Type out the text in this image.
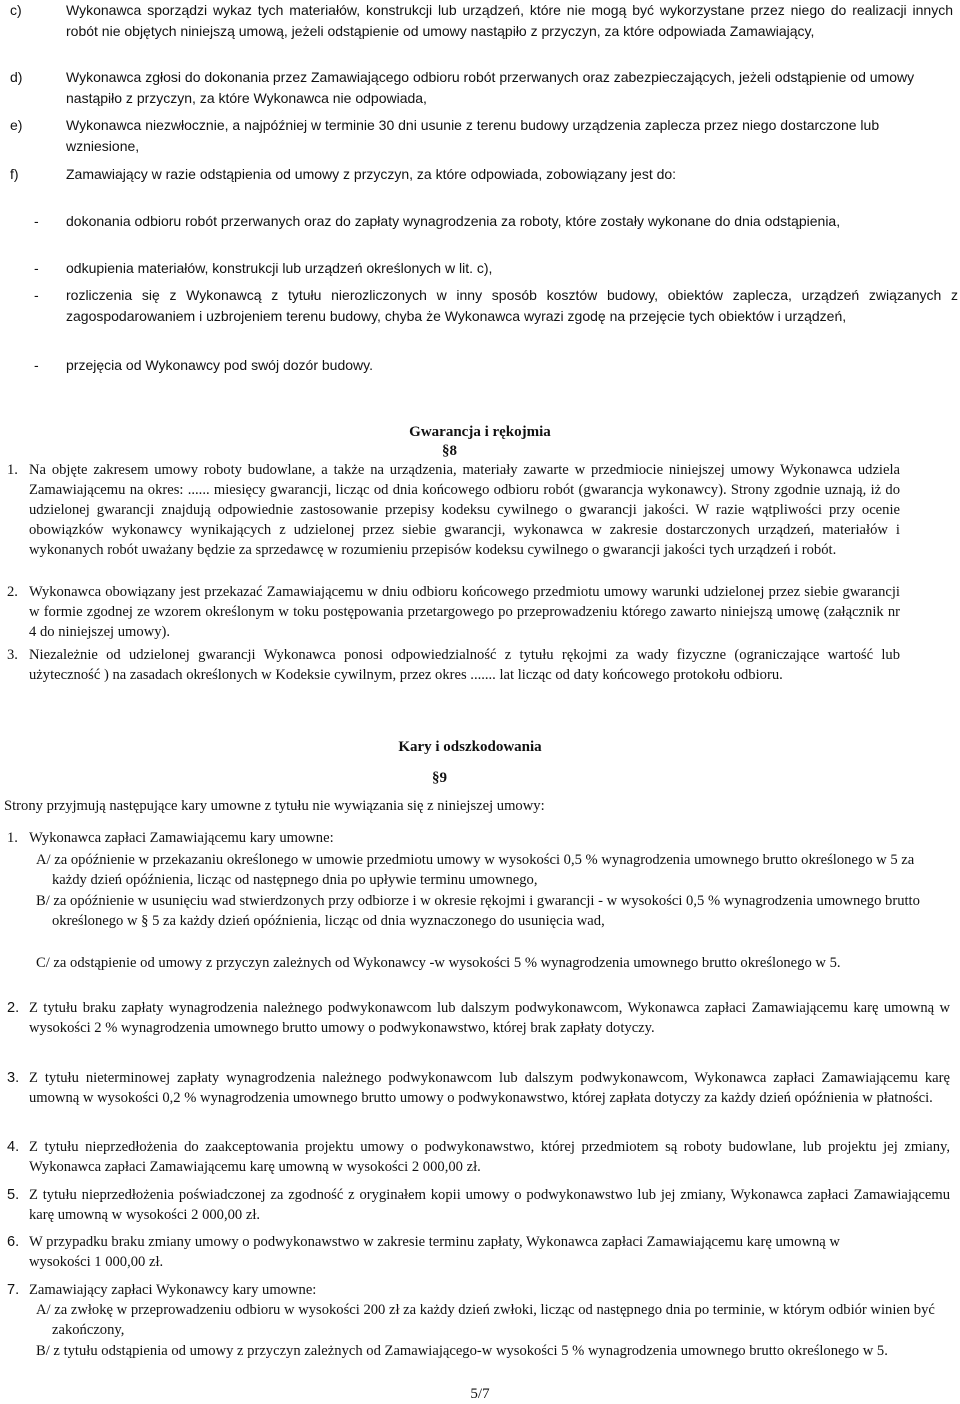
c)	Wykonawca sporządzi wykaz tych materiałów, konstrukcji lub urządzeń, które nie mogą być wykorzystane przez niego do realizacji innych robót nie objętych niniejszą umową, jeżeli odstąpienie od umowy nastąpiło z przyczyn, za które odpowiada Zamawiający,
d)	Wykonawca zgłosi do dokonania przez Zamawiającego odbioru robót przerwanych oraz zabezpieczających, jeżeli odstąpienie od umowy nastąpiło z przyczyn, za które Wykonawca nie odpowiada,
e)	Wykonawca niezwłocznie, a najpóźniej w terminie 30 dni usunie z terenu budowy urządzenia zaplecza przez niego dostarczone lub wzniesione,
f)	Zamawiający w razie odstąpienia od umowy z przyczyn, za które odpowiada, zobowiązany jest do:
- dokonania odbioru robót przerwanych oraz do zapłaty wynagrodzenia za roboty, które zostały wykonane do dnia odstąpienia,
- odkupienia materiałów, konstrukcji lub urządzeń określonych w lit. c),
- rozliczenia się z Wykonawcą z tytułu nierozliczonych w inny sposób kosztów budowy, obiektów zaplecza, urządzeń związanych z zagospodarowaniem i uzbrojeniem terenu budowy, chyba że Wykonawca wyrazi zgodę na przejęcie tych obiektów i urządzeń,
- przejęcia od Wykonawcy pod swój dozór budowy.
Gwarancja i rękojmia
§8
1. Na objęte zakresem umowy roboty budowlane, a także na urządzenia, materiały zawarte w przedmiocie niniejszej umowy Wykonawca udziela Zamawiającemu na okres: ...... miesięcy gwarancji, licząc od dnia końcowego odbioru robót (gwarancja wykonawcy). Strony zgodnie uznają, iż do udzielonej gwarancji znajdują odpowiednie zastosowanie przepisy kodeksu cywilnego o gwarancji jakości. W razie wątpliwości przy ocenie obowiązków wykonawcy wynikających z udzielonej przez siebie gwarancji, wykonawca w zakresie dostarczonych urządzeń, materiałów i wykonanych robót uważany będzie za sprzedawcę w rozumieniu przepisów kodeksu cywilnego o gwarancji jakości tych urządzeń i robót.
2. Wykonawca obowiązany jest przekazać Zamawiającemu w dniu odbioru końcowego przedmiotu umowy warunki udzielonej przez siebie gwarancji w formie zgodnej ze wzorem określonym w toku postępowania przetargowego po przeprowadzeniu którego zawarto niniejszą umowę (załącznik nr 4 do niniejszej umowy).
3. Niezależnie od udzielonej gwarancji Wykonawca ponosi odpowiedzialność z tytułu rękojmi za wady fizyczne (ograniczające wartość lub użyteczność ) na zasadach określonych w Kodeksie cywilnym, przez okres ....... lat licząc od daty końcowego protokołu odbioru.
Kary i odszkodowania
§9
Strony przyjmują następujące kary umowne z tytułu nie wywiązania się z niniejszej umowy:
1. Wykonawca zapłaci Zamawiającemu kary umowne:
A/ za opóźnienie w przekazaniu określonego w umowie przedmiotu umowy w wysokości 0,5 % wynagrodzenia umownego brutto określonego w 5 za każdy dzień opóźnienia, licząc od następnego dnia po upływie terminu umownego,
B/ za opóźnienie w usunięciu wad stwierdzonych przy odbiorze i w okresie rękojmi i gwarancji - w wysokości 0,5 % wynagrodzenia umownego brutto określonego w § 5 za każdy dzień opóźnienia, licząc od dnia wyznaczonego do usunięcia wad,
C/ za odstąpienie od umowy z przyczyn zależnych od Wykonawcy -w wysokości 5 % wynagrodzenia umownego brutto określonego w 5.
2. Z tytułu braku zapłaty wynagrodzenia należnego podwykonawcom lub dalszym podwykonawcom, Wykonawca zapłaci Zamawiającemu karę umowną w wysokości 2 % wynagrodzenia umownego brutto umowy o podwykonawstwo, której brak zapłaty dotyczy.
3. Z tytułu nieterminowej zapłaty wynagrodzenia należnego podwykonawcom lub dalszym podwykonawcom, Wykonawca zapłaci Zamawiającemu karę umowną w wysokości 0,2 % wynagrodzenia umownego brutto umowy o podwykonawstwo, której zapłata dotyczy za każdy dzień opóźnienia w płatności.
4. Z tytułu nieprzedłożenia do zaakceptowania projektu umowy o podwykonawstwo, której przedmiotem są roboty budowlane, lub projektu jej zmiany, Wykonawca zapłaci Zamawiającemu karę umowną w wysokości 2 000,00 zł.
5. Z tytułu nieprzedłożenia poświadczonej za zgodność z oryginałem kopii umowy o podwykonawstwo lub jej zmiany, Wykonawca zapłaci Zamawiającemu karę umowną w wysokości 2 000,00 zł.
6. W przypadku braku zmiany umowy o podwykonawstwo w zakresie terminu zapłaty, Wykonawca zapłaci Zamawiającemu karę umowną w wysokości 1 000,00 zł.
7. Zamawiający zapłaci Wykonawcy kary umowne:
A/ za zwłokę w przeprowadzeniu odbioru w wysokości 200 zł za każdy dzień zwłoki, licząc od następnego dnia po terminie, w którym odbiór winien być zakończony,
B/ z tytułu odstąpienia od umowy z przyczyn zależnych od Zamawiającego-w wysokości 5 % wynagrodzenia umownego brutto określonego w 5.
5/7
